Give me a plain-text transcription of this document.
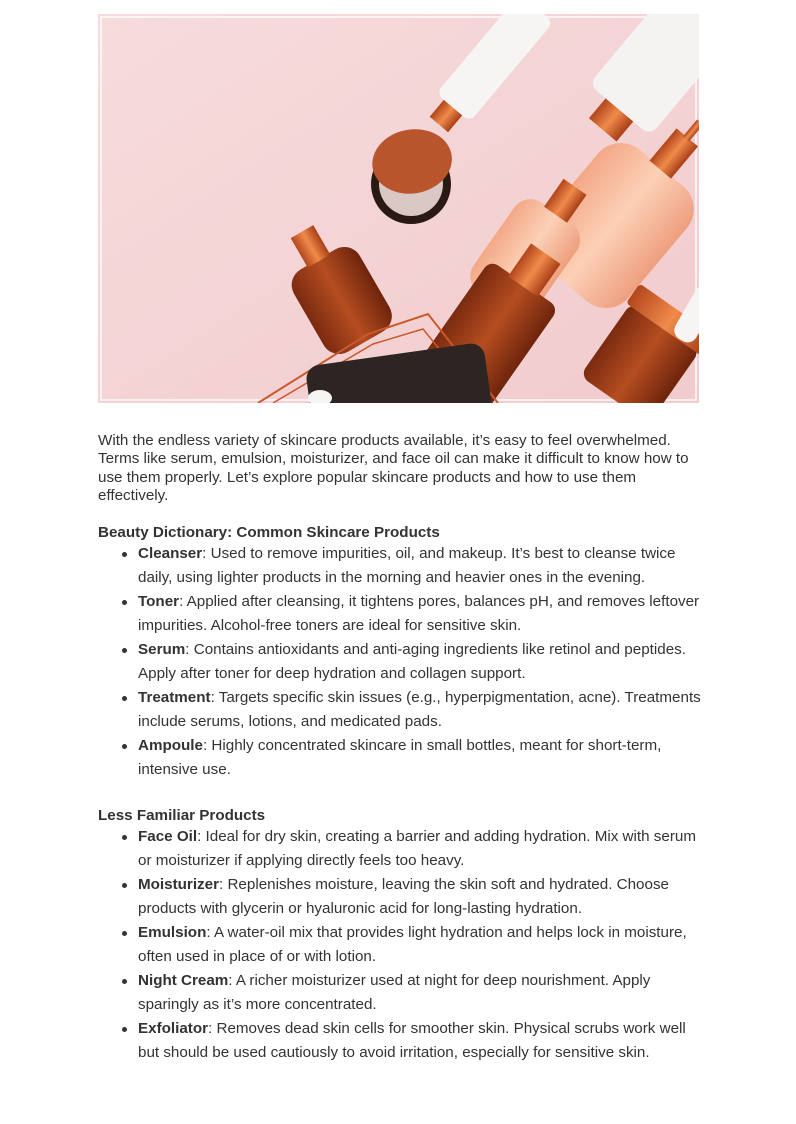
With the endless variety of skincare products available, it’s easy to feel overwhelmed. Terms like serum, emulsion, moisturizer, and face oil can make it difficult to know how to use them properly. Let’s explore popular skincare products and how to use them effectively.

Beauty Dictionary: Common Skincare Products
Cleanser: Used to remove impurities, oil, and makeup. It’s best to cleanse twice daily, using lighter products in the morning and heavier ones in the evening.
Toner: Applied after cleansing, it tightens pores, balances pH, and removes leftover impurities. Alcohol-free toners are ideal for sensitive skin.
Serum: Contains antioxidants and anti-aging ingredients like retinol and peptides. Apply after toner for deep hydration and collagen support.
Treatment: Targets specific skin issues (e.g., hyperpigmentation, acne). Treatments include serums, lotions, and medicated pads.
Ampoule: Highly concentrated skincare in small bottles, meant for short-term, intensive use.
Less Familiar Products
Face Oil: Ideal for dry skin, creating a barrier and adding hydration. Mix with serum or moisturizer if applying directly feels too heavy.
Moisturizer: Replenishes moisture, leaving the skin soft and hydrated. Choose products with glycerin or hyaluronic acid for long-lasting hydration.
Emulsion: A water-oil mix that provides light hydration and helps lock in moisture, often used in place of or with lotion.
Night Cream: A richer moisturizer used at night for deep nourishment. Apply sparingly as it’s more concentrated.
Exfoliator: Removes dead skin cells for smoother skin. Physical scrubs work well but should be used cautiously to avoid irritation, especially for sensitive skin.
